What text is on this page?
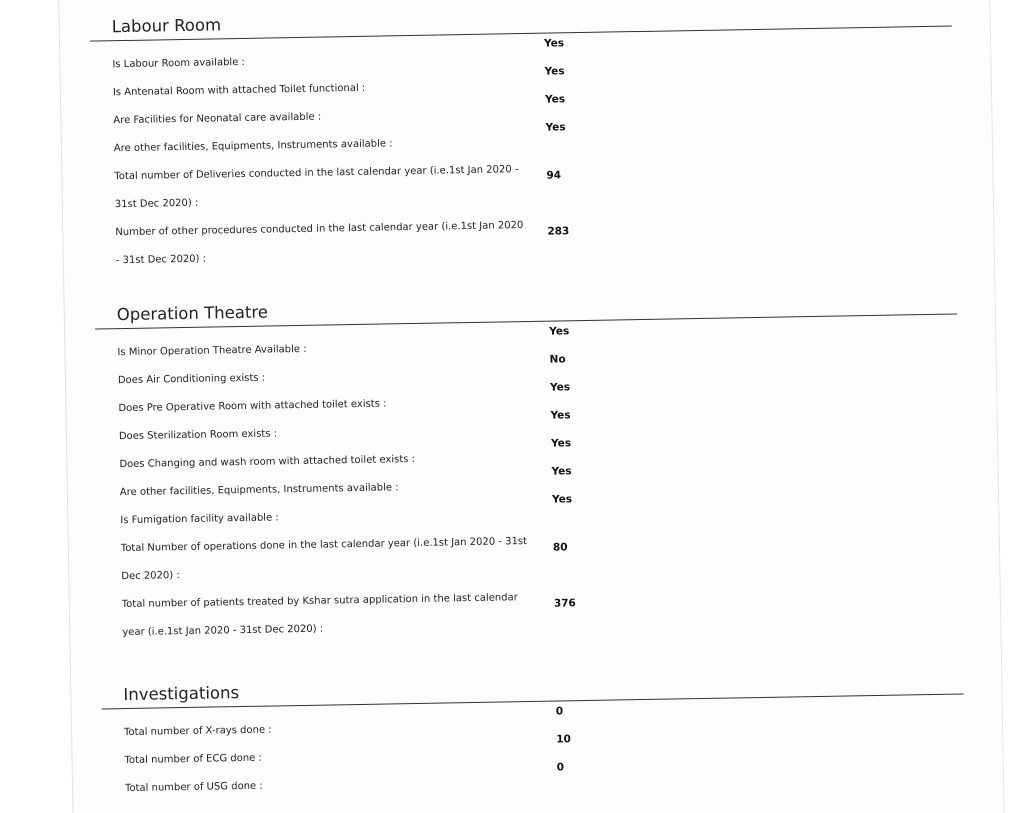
Labour Room
Is Labour Room available :
Yes
Is Antenatal Room with attached Toilet functional :
Yes
Are Facilities for Neonatal care available :
Yes
Are other facilities, Equipments, Instruments available :
Yes
Total number of Deliveries conducted in the last calendar year (i.e.1st Jan 2020 - 31st Dec 2020) :
94
Number of other procedures conducted in the last calendar year (i.e.1st Jan 2020 - 31st Dec 2020) :
283
Operation Theatre
Is Minor Operation Theatre Available :
Yes
Does Air Conditioning exists :
No
Does Pre Operative Room with attached toilet exists :
Yes
Does Sterilization Room exists :
Yes
Does Changing and wash room with attached toilet exists :
Yes
Are other facilities, Equipments, Instruments available :
Yes
Is Fumigation facility available :
Yes
Total Number of operations done in the last calendar year (i.e.1st Jan 2020 - 31st Dec 2020) :
80
Total number of patients treated by Kshar sutra application in the last calendar year (i.e.1st Jan 2020 - 31st Dec 2020) :
376
Investigations
Total number of X-rays done :
0
Total number of ECG done :
10
Total number of USG done :
0
